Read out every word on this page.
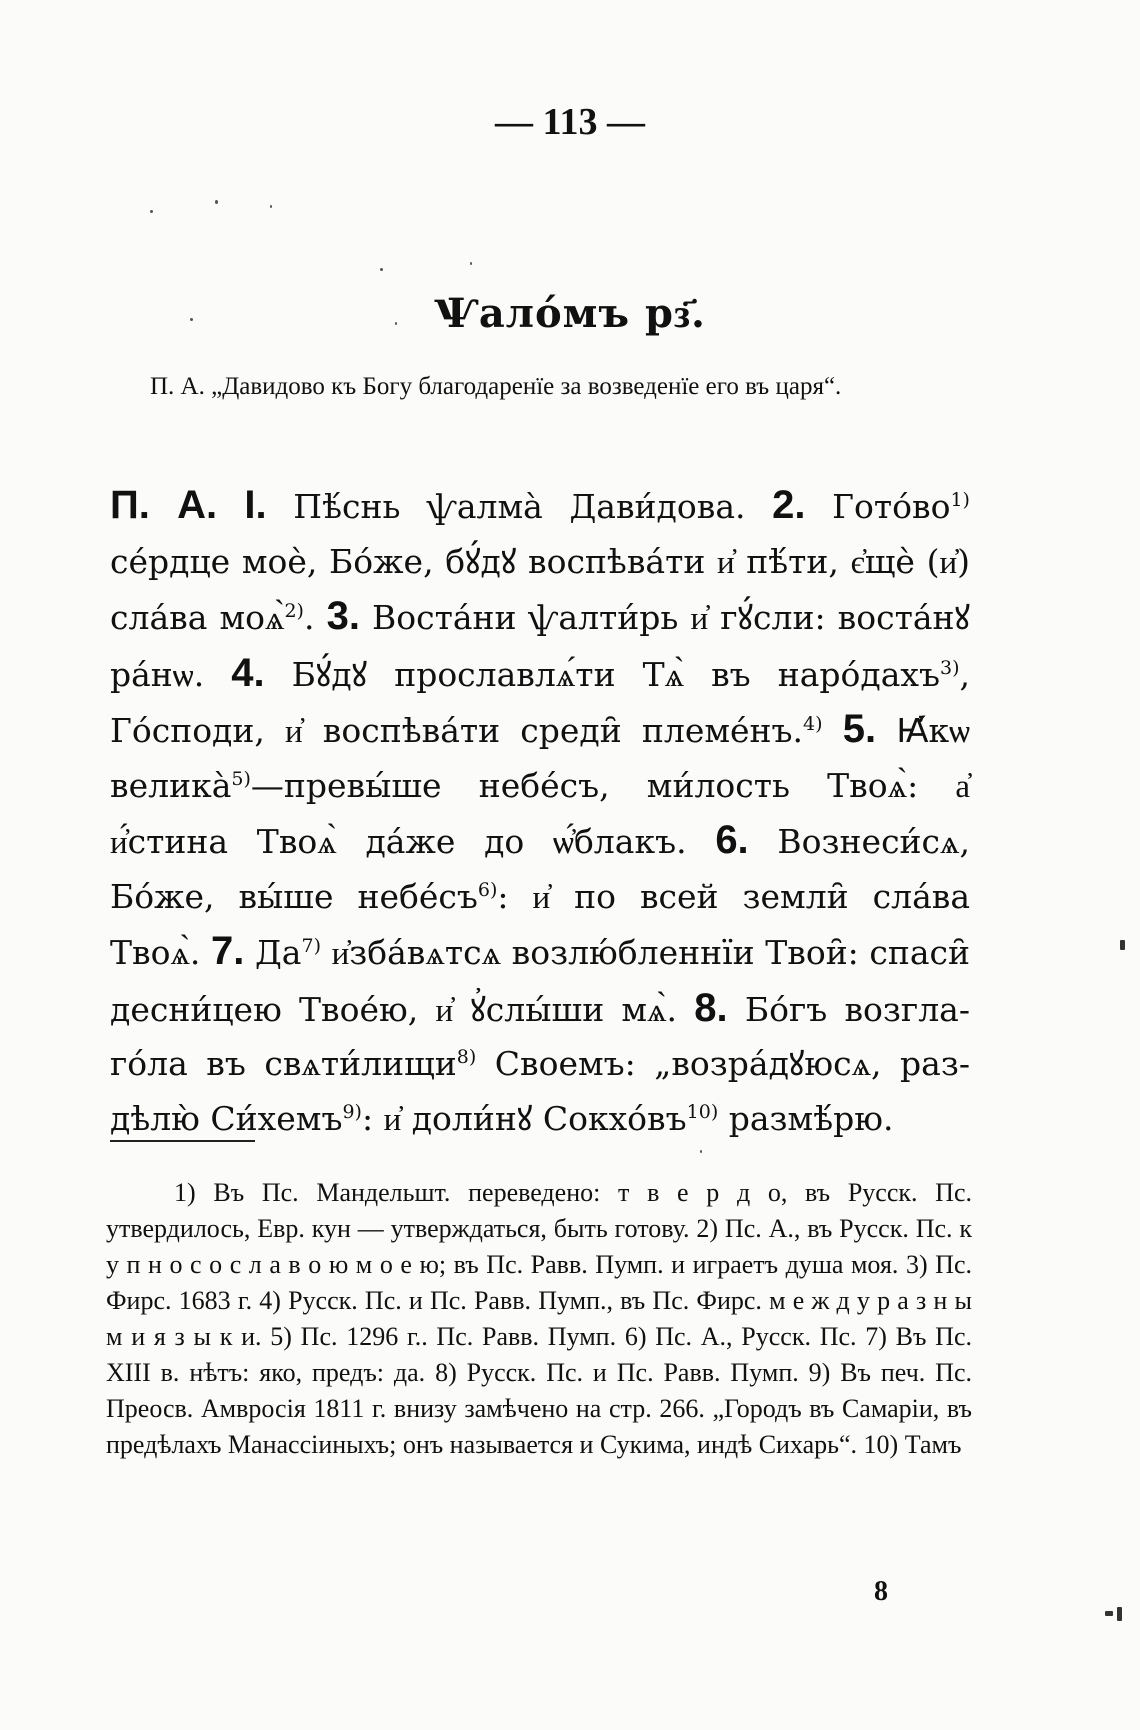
— 113 —
Ѱало́мъ рз҃.
П. А. „Давидово къ Богу благодаренїе за возведенїе его въ царя“.
П. А. І. Пѣ́снь ѱалма̀ Дави́дова. 2. Гото́во$^{1)}$ се́рдце моѐ, Бо́же, бꙋ́дꙋ воспѣва́ти и҆ пѣ́ти, є҆щѐ (и҆) сла́ва моѧ̀$^{2)}$. 3. Воста́ни ѱалти́рь и҆ гꙋ́сли: воста́нꙋ ра́нѡ. 4. Бꙋ́дꙋ прославлѧ́ти Тѧ̀ въ наро́дахъ$^{3)}$, Го́споди, и҆ воспѣва́ти среди̑ племе́нъ.$^{4)}$ 5. Ꙗ҆́кѡ велика̀$^{5)}$—превы́ше небе́съ, ми́лость Твоѧ̀: а҆ и҆́стина Твоѧ̀ да́же до ѡ҆́блакъ. 6. Вознеси́сѧ, Бо́же, вы́ше небе́съ$^{6)}$: и҆ по всей земли̑ сла́ва Твоѧ̀. 7. Да$^{7)}$ и҆зба́вѧтсѧ возлю́бленнїи Твои̑: спаси̑ десни́цею Твое́ю, и҆ ꙋ҆слы́ши мѧ̀. 8. Бо́гъ возгла-го́ла въ свѧти́лищи$^{8)}$ Своемъ: „возра́дꙋюсѧ, раз-дѣлю̀ Си́хемъ$^{9)}$: и҆ доли́нꙋ Сокхо́въ$^{10)}$ размѣ́рю.
1) Въ Пс. Мандельшт. переведено: т в е р д о, въ Русск. Пс. утвердилось, Евр. кун — утверждаться, быть готову. 2) Пс. А., въ Русск. Пс. к у п н о с о с л а в о ю м о е ю; въ Пс. Равв. Пумп. и играетъ душа моя. 3) Пс. Фирс. 1683 г. 4) Русск. Пс. и Пс. Равв. Пумп., въ Пс. Фирс. м е ж д у р а з н ы м и я з ы к и. 5) Пс. 1296 г.. Пс. Равв. Пумп. 6) Пс. А., Русск. Пс. 7) Въ Пс. XIII в. нѣтъ: яко, предъ: да. 8) Русск. Пс. и Пс. Равв. Пумп. 9) Въ печ. Пс. Преосв. Амвросія 1811 г. внизу замѣчено на стр. 266. „Городъ въ Самаріи, въ предѣлахъ Манассіиныхъ; онъ называется и Сукима, индѣ Сихарь“. 10) Тамъ
8
